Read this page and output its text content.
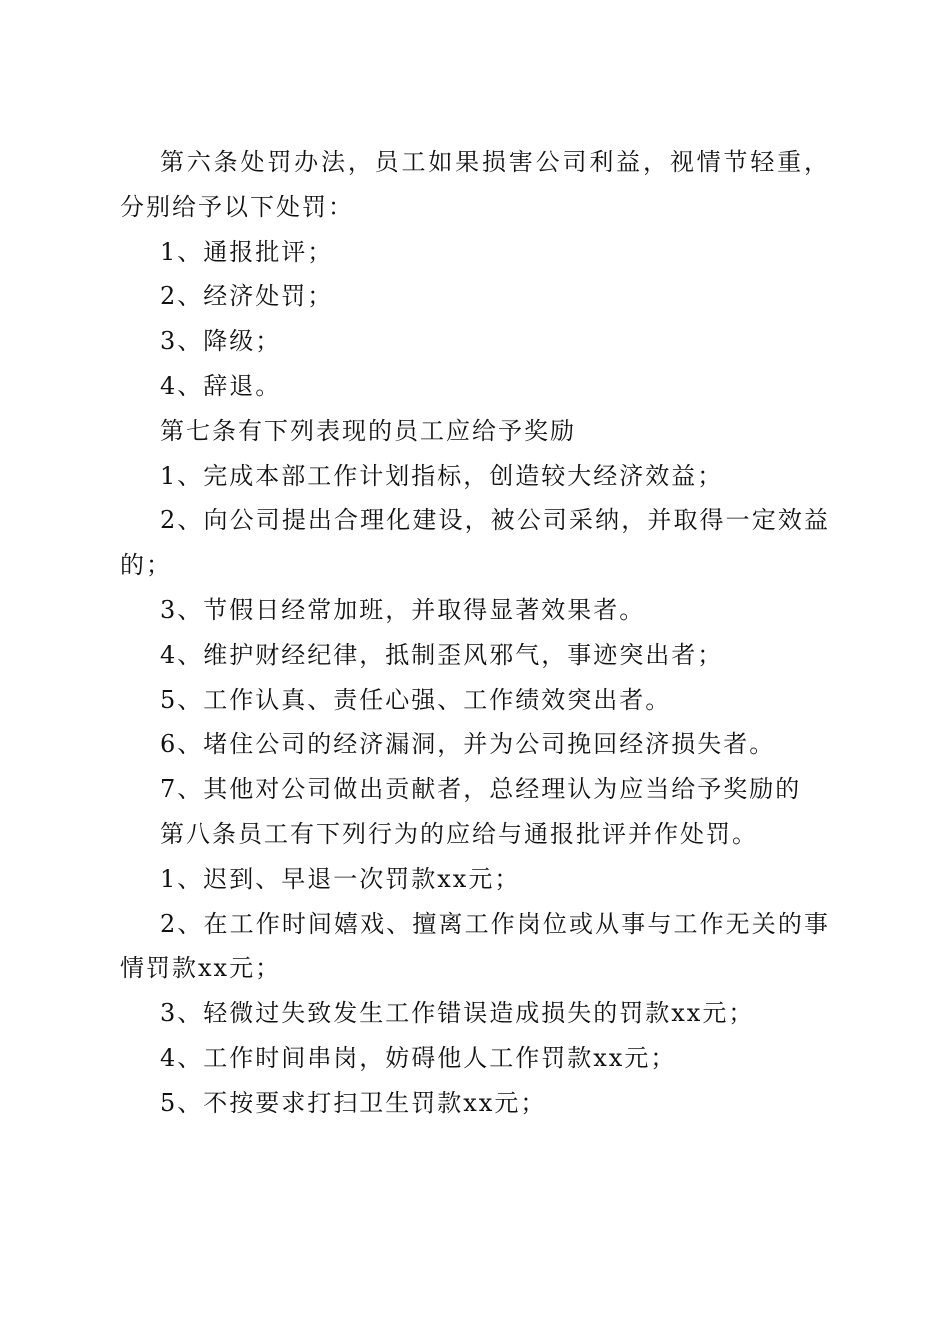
第六条处罚办法，员工如果损害公司利益，视情节轻重，分别给予以下处罚：

1、通报批评；

2、经济处罚；

3、降级；

4、辞退。

第七条有下列表现的员工应给予奖励

1、完成本部工作计划指标，创造较大经济效益；

2、向公司提出合理化建设，被公司采纳，并取得一定效益的；

3、节假日经常加班，并取得显著效果者。

4、维护财经纪律，抵制歪风邪气，事迹突出者；

5、工作认真、责任心强、工作绩效突出者。

6、堵住公司的经济漏洞，并为公司挽回经济损失者。

7、其他对公司做出贡献者，总经理认为应当给予奖励的

第八条员工有下列行为的应给与通报批评并作处罚。

1、迟到、早退一次罚款xx元；

2、在工作时间嬉戏、擅离工作岗位或从事与工作无关的事情罚款xx元；

3、轻微过失致发生工作错误造成损失的罚款xx元；

4、工作时间串岗，妨碍他人工作罚款xx元；

5、不按要求打扫卫生罚款xx元；
